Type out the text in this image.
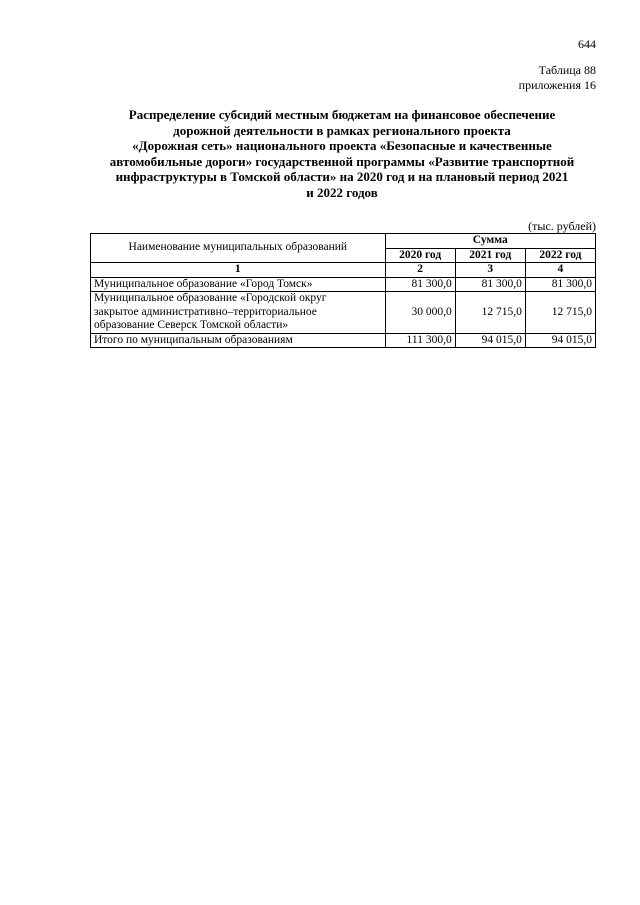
644
Таблица 88
приложения 16
Распределение субсидий местным бюджетам на финансовое обеспечение
дорожной деятельности в рамках регионального проекта
«Дорожная сеть» национального проекта «Безопасные и качественные
автомобильные дороги» государственной программы «Развитие транспортной
инфраструктуры в Томской области» на 2020 год и на плановый период 2021
и 2022 годов
(тыс. рублей)
Наименование муниципальных образований	Сумма		
	2020 год	2021 год	2022 год
1	2	3	4

Муниципальное образование «Город Томск»	81 300,0	81 300,0	81 300,0

Муниципальное образование «Городской округ
закрытое административно–территориальное
образование Северск Томской области»	30 000,0	12 715,0	12 715,0
Итого по муниципальным образованиям	111 300,0	94 015,0	94 015,0
